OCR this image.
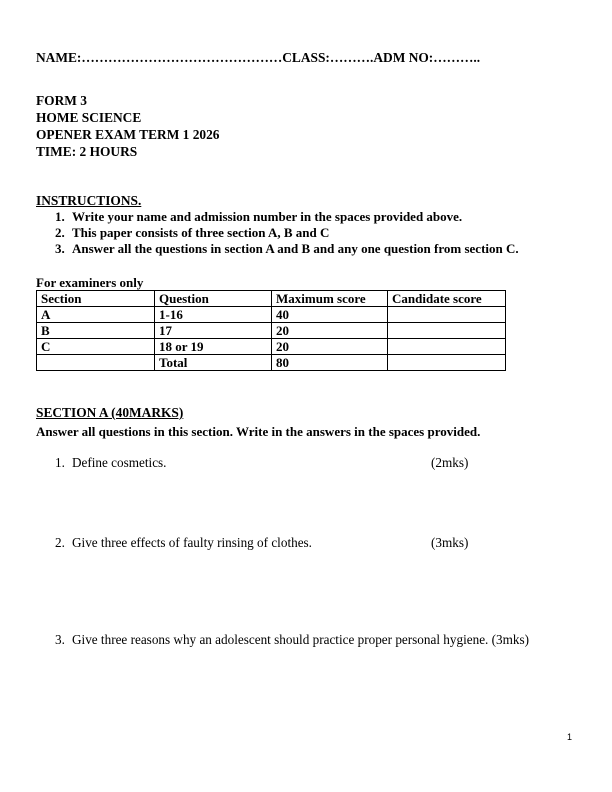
NAME:………………………………………CLASS:……….ADM NO:………..
FORM 3
HOME SCIENCE
OPENER EXAM TERM 1 2026
TIME: 2 HOURS
INSTRUCTIONS.
1. Write your name and admission number in the spaces provided above.
2. This paper consists of three section A, B and C
3. Answer all the questions in section A and B and any one question from section C.
For examiners only
Section	Question	Maximum score	Candidate score
A	1-16	40	
B	17	20	
C	18 or 19	20	
	Total	80	
SECTION A (40MARKS)
Answer all questions in this section. Write in the answers in the spaces provided.
1. Define cosmetics.	(2mks)
2. Give three effects of faulty rinsing of clothes.	(3mks)
3. Give three reasons why an adolescent should practice proper personal hygiene. (3mks)
1
